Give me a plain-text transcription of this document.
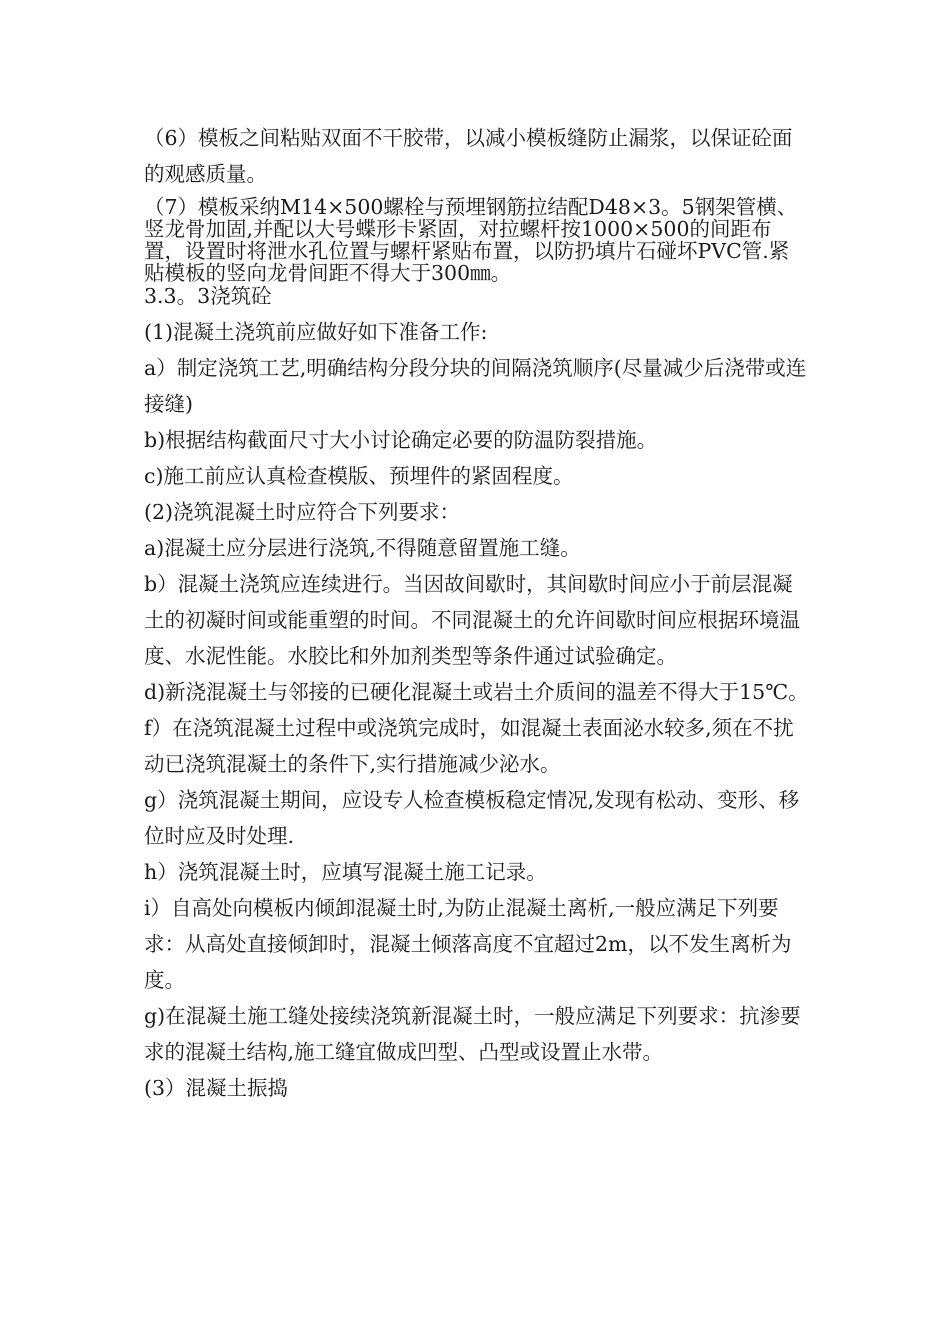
（6）模板之间粘贴双面不干胶带，以减小模板缝防止漏浆，以保证砼面的观感质量。

（7）模板采纳M14×500螺栓与预埋钢筋拉结配D48×3。5钢架管横、竖龙骨加固,并配以大号蝶形卡紧固，对拉螺杆按1000×500的间距布置，设置时将泄水孔位置与螺杆紧贴布置，以防扔填片石碰坏PVC管.紧贴模板的竖向龙骨间距不得大于300㎜。

3.3。3浇筑砼

(1)混凝土浇筑前应做好如下准备工作:

a）制定浇筑工艺,明确结构分段分块的间隔浇筑顺序(尽量减少后浇带或连接缝)

b)根据结构截面尺寸大小讨论确定必要的防温防裂措施。

c)施工前应认真检查模版、预埋件的紧固程度。

(2)浇筑混凝土时应符合下列要求：

a)混凝土应分层进行浇筑,不得随意留置施工缝。

b）混凝土浇筑应连续进行。当因故间歇时，其间歇时间应小于前层混凝土的初凝时间或能重塑的时间。不同混凝土的允许间歇时间应根据环境温度、水泥性能。水胶比和外加剂类型等条件通过试验确定。

d)新浇混凝土与邻接的已硬化混凝土或岩土介质间的温差不得大于15℃。

f）在浇筑混凝土过程中或浇筑完成时，如混凝土表面泌水较多,须在不扰动已浇筑混凝土的条件下,实行措施减少泌水。

g）浇筑混凝土期间，应设专人检查模板稳定情况,发现有松动、变形、移位时应及时处理.

h）浇筑混凝土时，应填写混凝土施工记录。

i）自高处向模板内倾卸混凝土时,为防止混凝土离析,一般应满足下列要求：从高处直接倾卸时，混凝土倾落高度不宜超过2m，以不发生离析为度。

g)在混凝土施工缝处接续浇筑新混凝土时，一般应满足下列要求：抗渗要求的混凝土结构,施工缝宜做成凹型、凸型或设置止水带。

(3）混凝土振捣
